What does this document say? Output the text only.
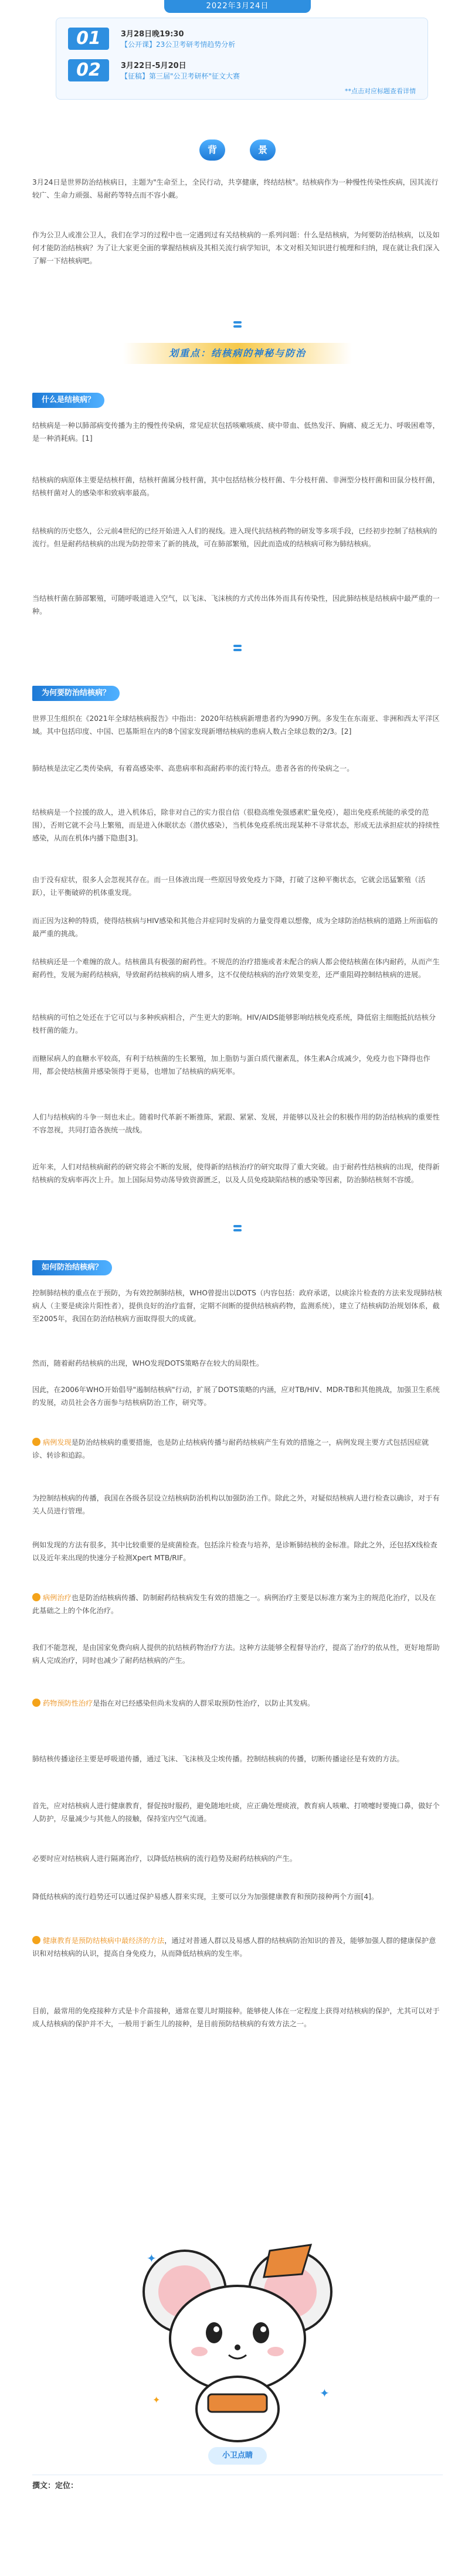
2022年3月24日
01	3月28日晚19:30
【公开课】23公卫考研考情趋势分析
02	3月22日-5月20日
【征稿】第三届"公卫考研杯"征文大赛
**点击对应标题查看详情
背	景
3月24日是世界防治结核病日，主题为"生命至上，全民行动，共享健康，终结结核"。结核病作为一种慢性传染性疾病，因其流行较广、生命力顽强、易耐药等特点而不容小觑。
作为公卫人或准公卫人，我们在学习的过程中也一定遇到过有关结核病的一系列问题：什么是结核病，为何要防治结核病，以及如何才能防治结核病？为了让大家更全面的掌握结核病及其相关流行病学知识，本文对相关知识进行梳理和归纳，现在就让我们深入了解一下结核病吧。
划重点：结核病的神秘与防治
什么是结核病？
结核病是一种以肺部病变传播为主的慢性传染病，常见症状包括咳嗽咳痰、痰中带血、低热发汗、胸痛、疲乏无力、呼吸困难等，是一种消耗病。[1]
结核病的病原体主要是结核杆菌，结核杆菌属分枝杆菌，其中包括结核分枝杆菌、牛分枝杆菌、非洲型分枝杆菌和田鼠分枝杆菌，结核杆菌对人的感染率和致病率最高。
结核病的历史悠久，公元前4世纪的已经开始进入人们的视线。进入现代抗结核药物的研发等多项手段，已经初步控制了结核病的流行。但是耐药结核病的出现为防控带来了新的挑战，可在肺部繁殖，因此而造成的结核病可称为肺结核病。
当结核杆菌在肺部繁殖，可随呼吸道进入空气，以飞沫、飞沫核的方式传出体外而具有传染性，因此肺结核是结核病中最严重的一种。
为何要防治结核病？
世界卫生组织在《2021年全球结核病报告》中指出：2020年结核病新增患者约为990万例。多发生在东南亚、非洲和西太平洋区域。其中包括印度、中国、巴基斯坦在内的8个国家发现新增结核病的患病人数占全球总数的2/3。[2]
肺结核是法定乙类传染病，有着高感染率、高患病率和高耐药率的流行特点。患者各省的传染病之一。
结核病是一个拉援的敌人，进入机体后，除非对自己的实力很自信（很稳高维免强感素贮量免疫），超出免疫系统能的承受的范围），否则它就不会马上繁殖，而是进入休眠状态（潜伏感染），当机体免疫系统出现某种不寻常状态，形成无法承担症状的持续性感染，从而在机体内播下隐患[3]。
由于没有症状，很多人会忽视其存在。而一旦体液出现一些原因导致免疫力下降，打破了这种平衡状态，它就会迅猛繁殖（活跃），让平衡破碎的机体重发现。
而正因为这种的特质，使得结核病与HIV感染和其他合并症同时发病的力量变得难以想像，成为全球防治结核病的道路上所面临的最严重的挑战。
结核病还是一个难缠的敌人。结核菌具有极强的耐药性。不规范的治疗措施或者未配合的病人都会使结核菌在体内耐药，从而产生耐药性，发展为耐药结核病，导致耐药结核病的病人增多，这不仅使结核病的治疗效果变差，还严重阻碍控制结核病的进展。
结核病的可怕之处还在于它可以与多种疾病相合，产生更大的影响。HIV/AIDS能够影响结核免疫系统，降低宿主细胞抵抗结核分枝杆菌的能力。
而糖尿病人的血糖水平较高，有利于结核菌的生长繁殖，加上脂肪与蛋白质代谢紊乱，体生素A合成减少，免疫力也下降得也作用，都会使结核菌并感染领得于更易，也增加了结核病的病死率。
人们与结核病的斗争一刻也未止。随着时代革新不断推陈，紧跟、紧紧、发展，并能够以及社会的积极作用的防治结核病的重要性不容忽视，共同打造各族统一战线。
近年来，人们对结核病耐药的研究将会不断的发展，使得新的结核治疗的研究取得了重大突破。由于耐药性结核病的出现，使得新结核病的发病率再次上升。加上国际局势动荡导致资源匮乏，以及人员免疫缺陷结核的感染等因素，防治肺结核刻不容缓。
如何防治结核病？
控制肺结核的重点在于预防，为有效控制肺结核，WHO曾提出以DOTS（内容包括：政府承诺，以痰涂片检查的方法来发现肺结核病人（主要是痰涂片阳性者），提供良好的治疗监督，定期不间断的提供结核病药物，监测系统），建立了结核病防治规划体系，截至2005年，我国在防治结核病方面取得很大的成就。
然而，随着耐药结核病的出现，WHO发现DOTS策略存在较大的局限性。
因此，在2006年WHO开始倡导"遏制结核病"行动，扩展了DOTS策略的内涵，应对TB/HIV、MDR-TB和其他挑战，加强卫生系统的发展，动员社会各方面参与结核病防治工作，研究等。
病例发现是防治结核病的重要措施，也是防止结核病传播与耐药结核病产生有效的措施之一，病例发现主要方式包括因症就诊、转诊和追踪。
为控制结核病的传播，我国在各级各层设立结核病防治机构以加强防治工作。除此之外，对疑似结核病人进行检查以确诊，对于有关人员进行管理。
例如发现的方法有很多，其中比较重要的是痰菌检查。包括涂片检查与培养，是诊断肺结核的金标准。除此之外，还包括X线检查以及近年来出现的快速分子检测Xpert MTB/RIF。
病例治疗也是防治结核病传播、防制耐药结核病发生有效的措施之一。病例治疗主要是以标准方案为主的规范化治疗，以及在此基础之上的个体化治疗。
我们不能忽视，是由国家免费向病人提供的抗结核药物治疗方法。这种方法能够全程督导治疗，提高了治疗的依从性，更好地帮助病人完成治疗，同时也减少了耐药结核病的产生。
药物预防性治疗是指在对已经感染但尚未发病的人群采取预防性治疗，以防止其发病。
肺结核传播途径主要是呼吸道传播，通过飞沫、飞沫核及尘埃传播。控制结核病的传播，切断传播途径是有效的方法。
首先，应对结核病人进行健康教育，督促按时服药，避免随地吐痰，应正确处理痰液，教育病人咳嗽、打喷嚏时要掩口鼻，做好个人防护，尽量减少与其他人的接触，保持室内空气流通。
必要时应对结核病人进行隔离治疗，以降低结核病的流行趋势及耐药结核病的产生。
降低结核病的流行趋势还可以通过保护易感人群来实现，主要可以分为加强健康教育和预防接种两个方面[4]。
健康教育是预防结核病中最经济的方法，通过对普通人群以及易感人群的结核病防治知识的普及，能够加强人群的健康保护意识和对结核病的认识，提高自身免疫力，从而降低结核病的发生率。
目前，最常用的免疫接种方式是卡介苗接种，通常在婴儿时期接种。能够使人体在一定程度上获得对结核病的保护，尤其可以对于成人结核病的保护并不大，一般用于新生儿的接种，是目前预防结核病的有效方法之一。
✦
✦
✦
小卫点睛
撰文：定位：
